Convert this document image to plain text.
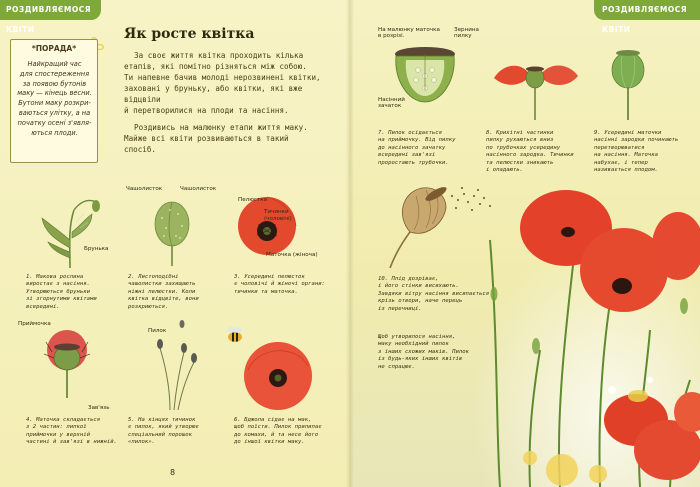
РОЗДИВЛЯЄМОСЯ КВІТИ
*ПОРАДА*
Найкращий час
для спостереження
за появою бутонів
маку — кінець весни.
Бутони маку розкри-
ваються улітку, а на
початку осені з'явля-
ються плоди.
Як росте квітка

За своє життя квітка проходить кілька

етапів, які помітно різняться між собою.
Ти напевне бачив молоді нерозвинені квітки,
заховані у бруньку, або квітки, які вже відцвіли
й перетворилися на плоди та насіння.

Роздивись на малюнку етапи життя маку.

Майже всі квіти розвиваються в такий
спосіб.
Брунька
Чашолисток	Чашолисток
Пелюстка
Тичинки
(чоловічі)
Маточка (жіноча)
1. Макова рослина
виростає з насіння.
Утворюються бруньки
зі згорнутими квітами
всередині.
2. Листоподібні
чашолистки захищають
ніжні пелюстки. Коли
квітка відцвіте, вони
розкриються.
3. Усередині пелюсток
є чоловічі й жіночі органи:
тичинки та маточка.
Приймочка
Зав'язь
Пилок
4. Маточка складається
з 2 частин: липкої
приймочки у верхній
частині й зав'язі в нижній.
5. На кінцях тичинок
є пилок, який утворює
спеціальний порошок
«пилок».
6. Бджола сідає на мак,
щоб поїсти. Пилок прилипає
до комахи, й та несе його
до іншої квітки маку.
8
РОЗДИВЛЯЄМОСЯ КВІТИ
На малюнку маточка
в розрізі.
Зернина
пилку
Насінний
зачаток
7. Пилок осідається
на приймочку. Від пилку
до насінного зачатку
всередині зав'язі
проростають трубочки.
8. Крихітні частинки
пилку рухаються вниз
по трубочках усередину
насінного зародка. Тичинки
та пелюстки зникають
і опадають.
9. Усередині маточки
насінні зародки починають
перетворюватися
на насіння. Маточка
набухає, і тепер
називається плодом.
10. Плід дозріває,
і його стінки висихають.
Завдяки вітру насіння висипається
крізь отвори, наче перець
із перечниці.
Щоб утворилося насіння,
маку необхідний пилок
з інших схожих маків. Пилок
із будь-яких інших квітів
не спрацює.
